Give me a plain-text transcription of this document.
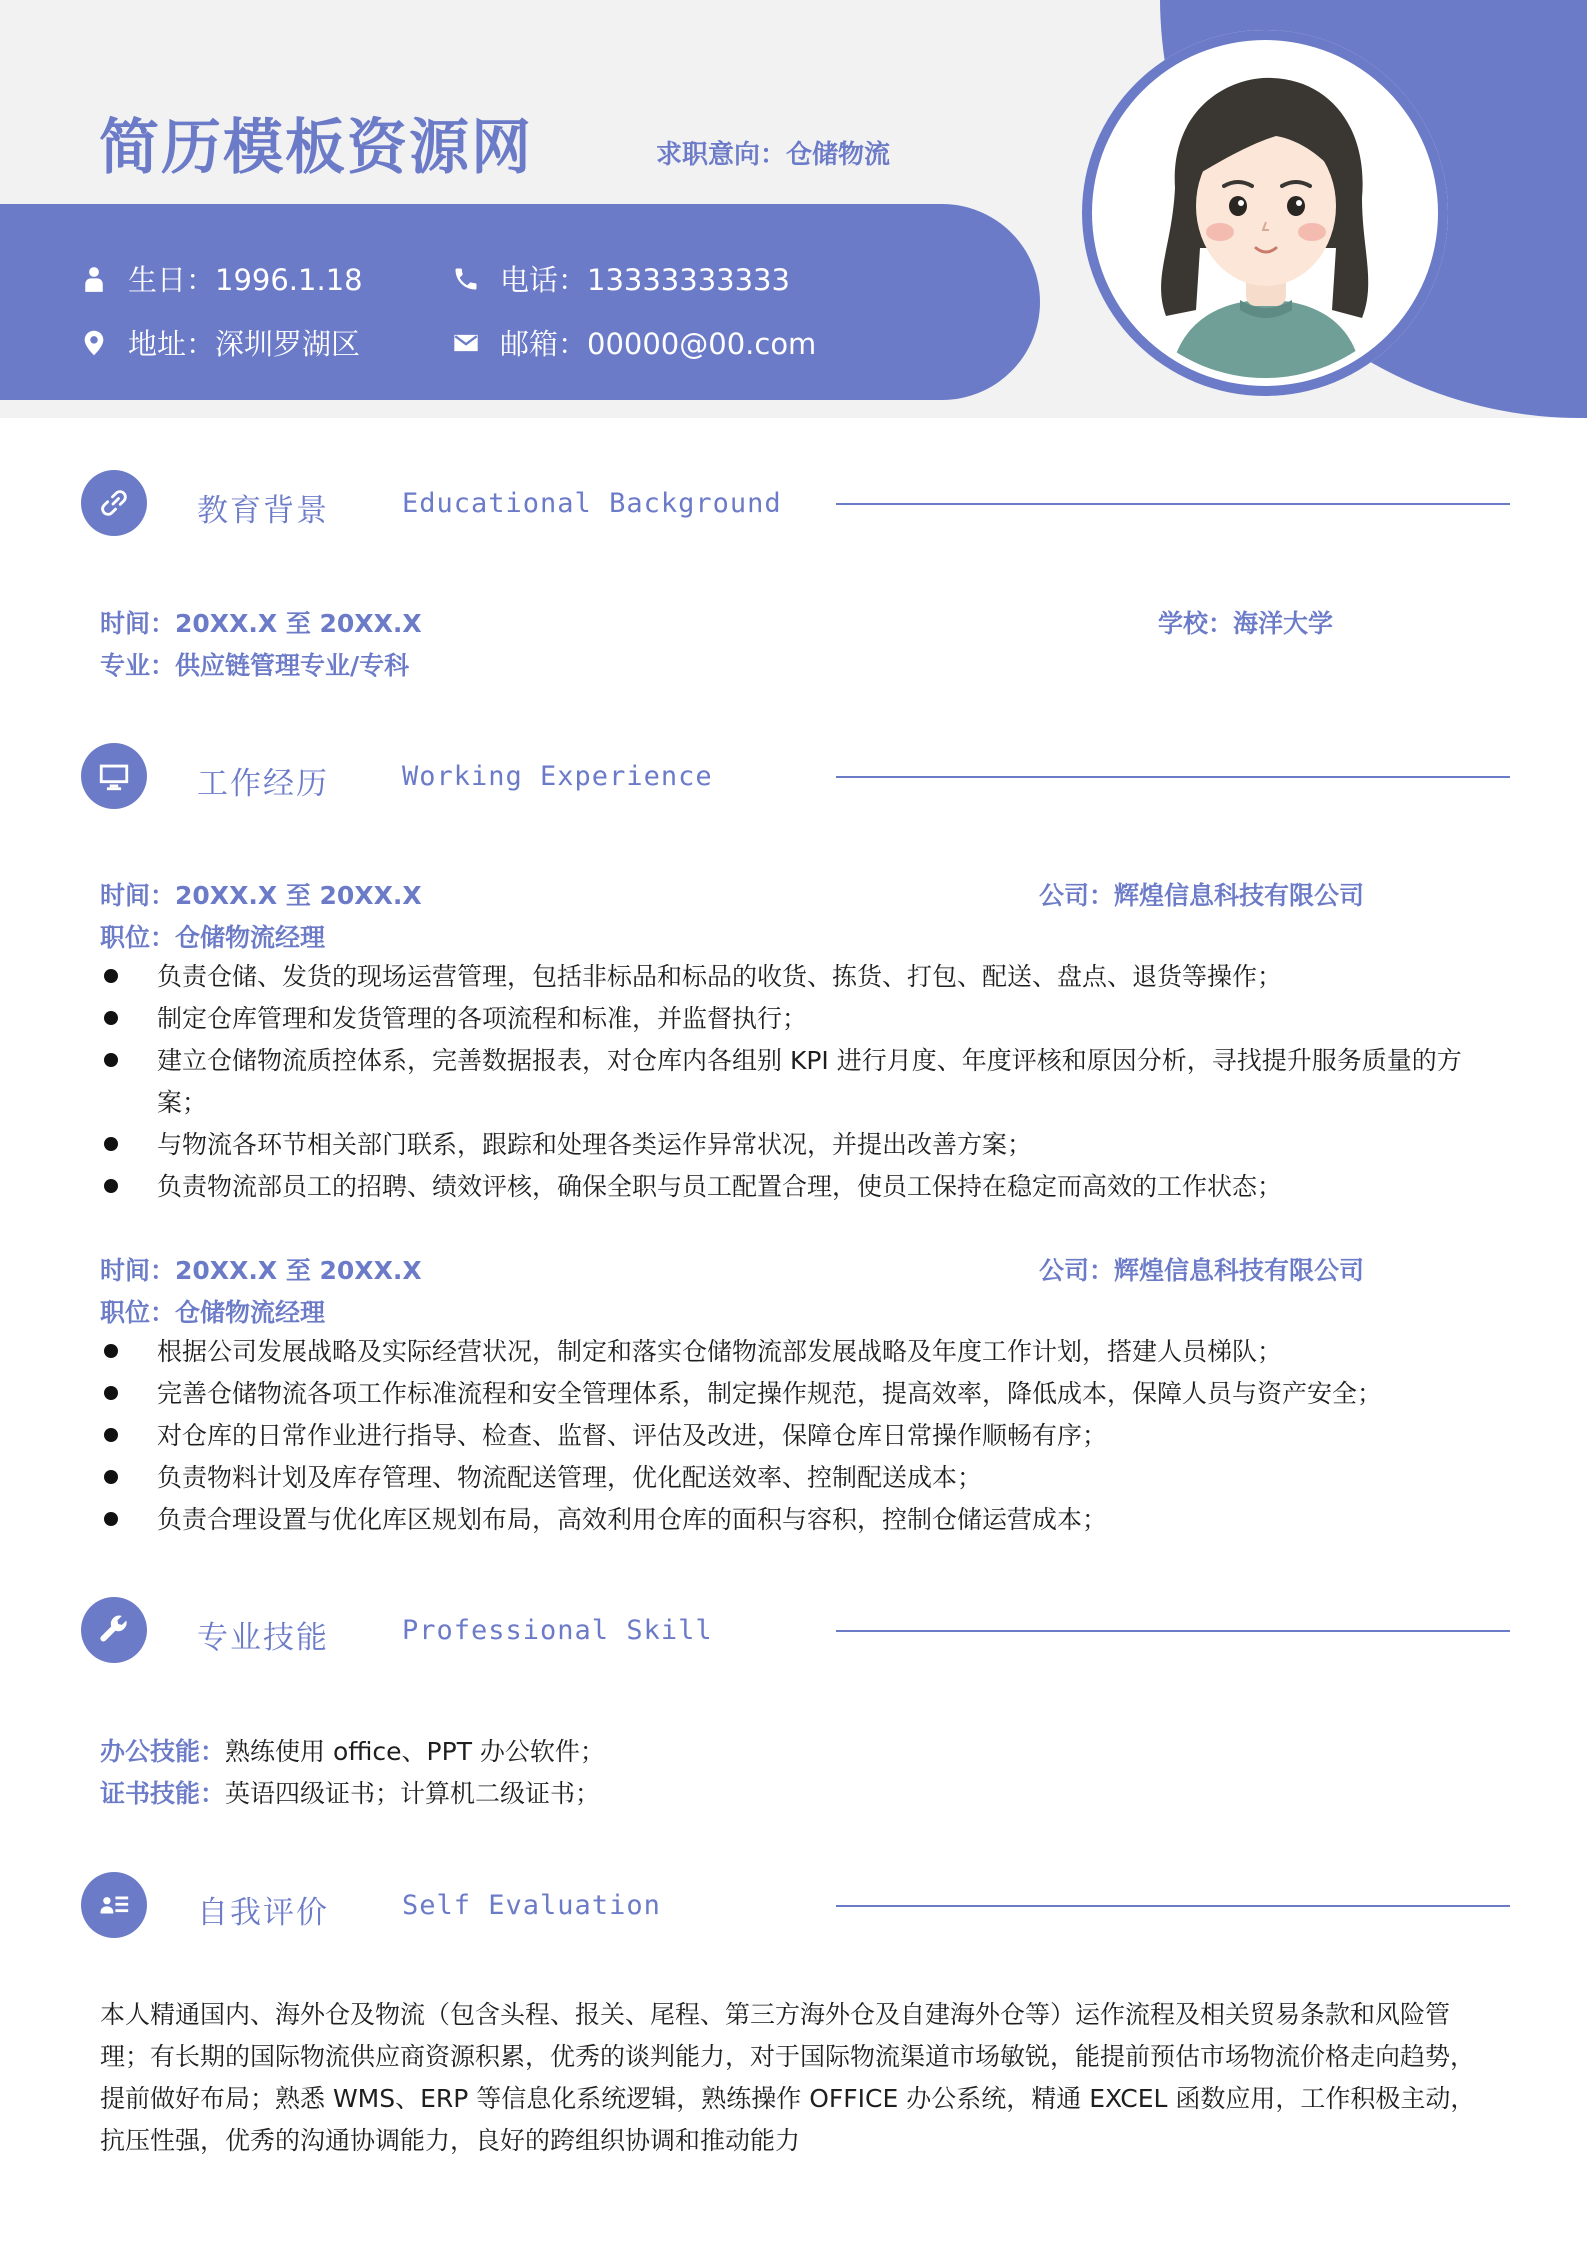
简历模板资源网	求职意向：仓储物流
生日：1996.1.18	电话：13333333333
地址：深圳罗湖区	邮箱：00000@00.com
教育背景	Educational Background
时间：20XX.X 至 20XX.X	学校：海洋大学
专业：供应链管理专业/专科
工作经历	Working Experience
时间：20XX.X 至 20XX.X	公司：辉煌信息科技有限公司
职位：仓储物流经理
负责仓储、发货的现场运营管理，包括非标品和标品的收货、拣货、打包、配送、盘点、退货等操作；
制定仓库管理和发货管理的各项流程和标准，并监督执行；
建立仓储物流质控体系，完善数据报表，对仓库内各组别 KPI 进行月度、年度评核和原因分析，寻找提升服务质量的方案；
与物流各环节相关部门联系，跟踪和处理各类运作异常状况，并提出改善方案；
负责物流部员工的招聘、绩效评核，确保全职与员工配置合理，使员工保持在稳定而高效的工作状态；
时间：20XX.X 至 20XX.X	公司：辉煌信息科技有限公司
职位：仓储物流经理
根据公司发展战略及实际经营状况，制定和落实仓储物流部发展战略及年度工作计划，搭建人员梯队；
完善仓储物流各项工作标准流程和安全管理体系，制定操作规范，提高效率，降低成本，保障人员与资产安全；
对仓库的日常作业进行指导、检查、监督、评估及改进，保障仓库日常操作顺畅有序；
负责物料计划及库存管理、物流配送管理，优化配送效率、控制配送成本；
负责合理设置与优化库区规划布局，高效利用仓库的面积与容积，控制仓储运营成本；
专业技能	Professional Skill
办公技能：熟练使用 office、PPT 办公软件；
证书技能：英语四级证书；计算机二级证书；
自我评价	Self Evaluation

本人精通国内、海外仓及物流（包含头程、报关、尾程、第三方海外仓及自建海外仓等）运作流程及相关贸易条款和风险管理；有长期的国际物流供应商资源积累，优秀的谈判能力，对于国际物流渠道市场敏锐，能提前预估市场物流价格走向趋势，提前做好布局；熟悉 WMS、ERP 等信息化系统逻辑，熟练操作 OFFICE 办公系统，精通 EXCEL 函数应用，工作积极主动，抗压性强，优秀的沟通协调能力，良好的跨组织协调和推动能力
